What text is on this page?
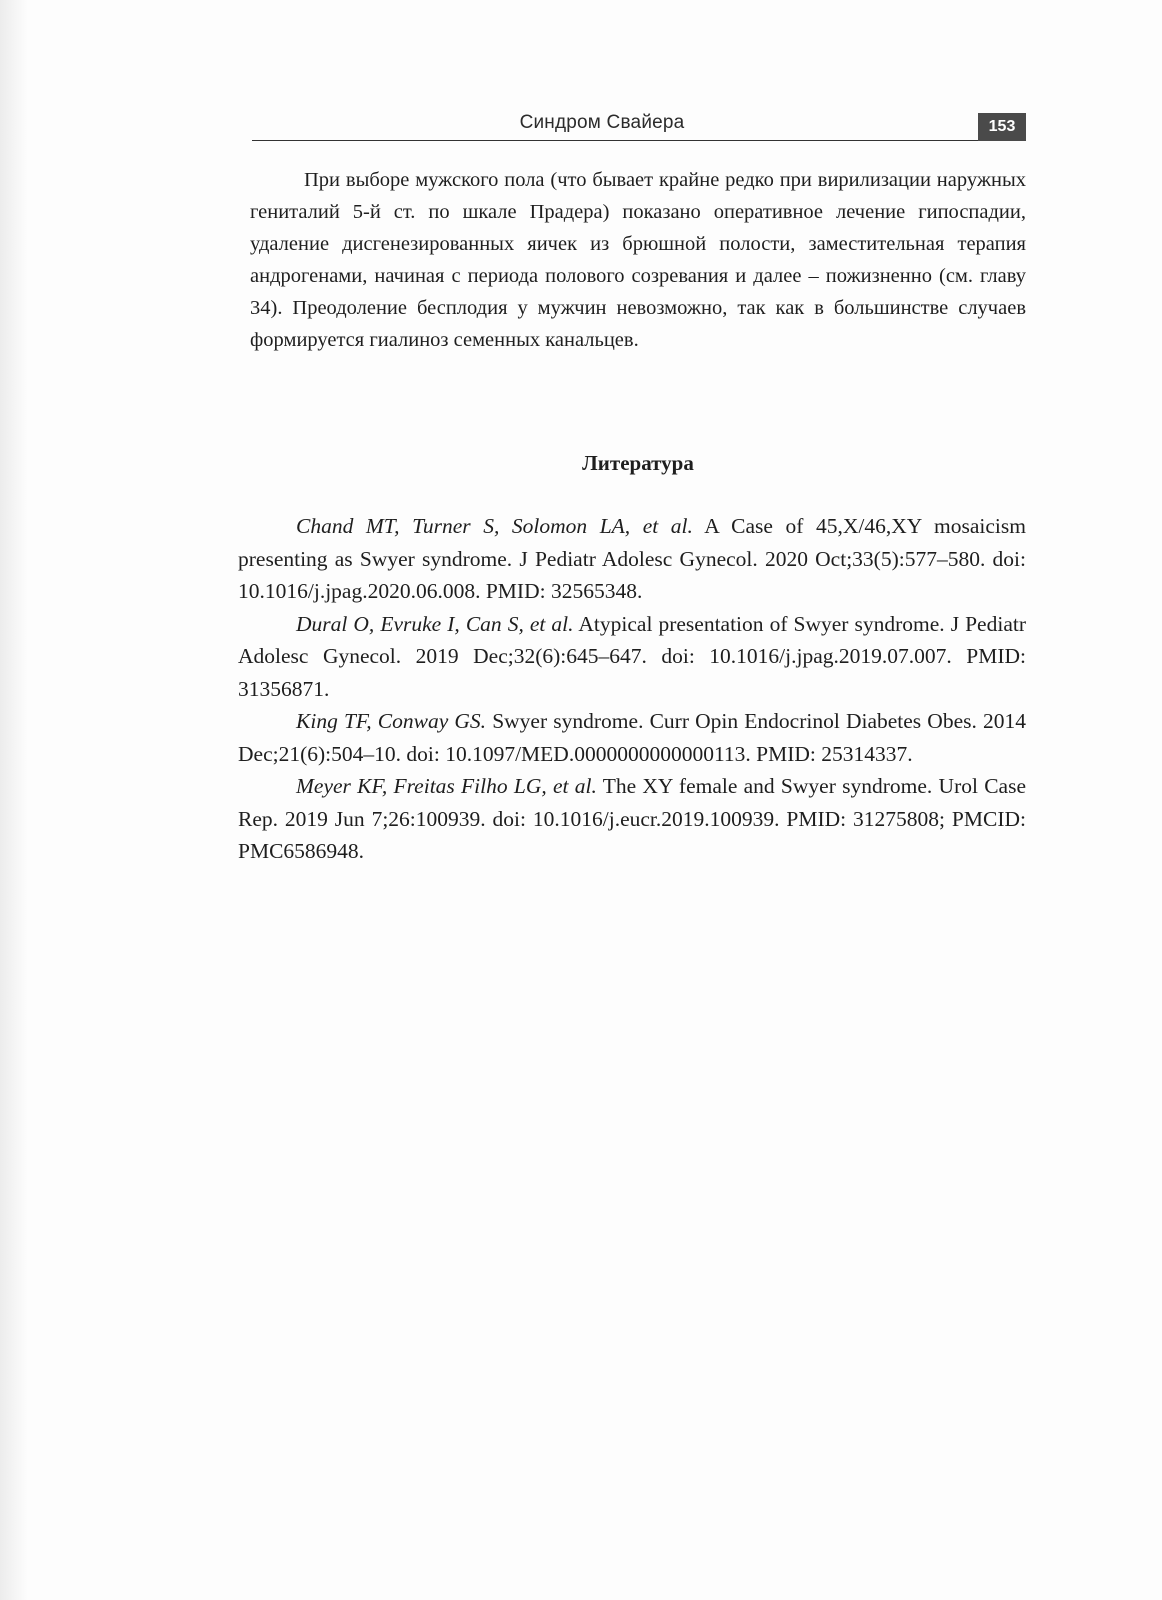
Синдром Свайера	153

При выборе мужского пола (что бывает крайне редко при вирилизации наружных гениталий 5-й ст. по шкале Прадера) показано оперативное лечение гипоспадии, удаление дисгенезированных яичек из брюшной полости, заместительная терапия андрогенами, начиная с периода полового созревания и далее – пожизненно (см. главу 34). Преодоление бесплодия у мужчин невозможно, так как в большинстве случаев формируется гиалиноз семенных канальцев.

Литература
Chand MT, Turner S, Solomon LA, et al. A Case of 45,X/46,XY mosaicism presenting as Swyer syndrome. J Pediatr Adolesc Gynecol. 2020 Oct;33(5):577–580. doi: 10.1016/j.jpag.2020.06.008. PMID: 32565348.
Dural O, Evruke I, Can S, et al. Atypical presentation of Swyer syndrome. J Pediatr Adolesc Gynecol. 2019 Dec;32(6):645–647. doi: 10.1016/j.​jpag.2019.07.007. PMID: 31356871.
King TF, Conway GS. Swyer syndrome. Curr Opin Endocrinol Diabetes Obes. 2014 Dec;21(6):504–10. doi: 10.1097/MED.0000000000000113. PMID: 25314337.
Meyer KF, Freitas Filho LG, et al. The XY female and Swyer syndrome. Urol Case Rep. 2019 Jun 7;26:100939. doi: 10.1016/j.eucr.2019.100939. PMID: 31275808; PMCID: PMC6586948.
